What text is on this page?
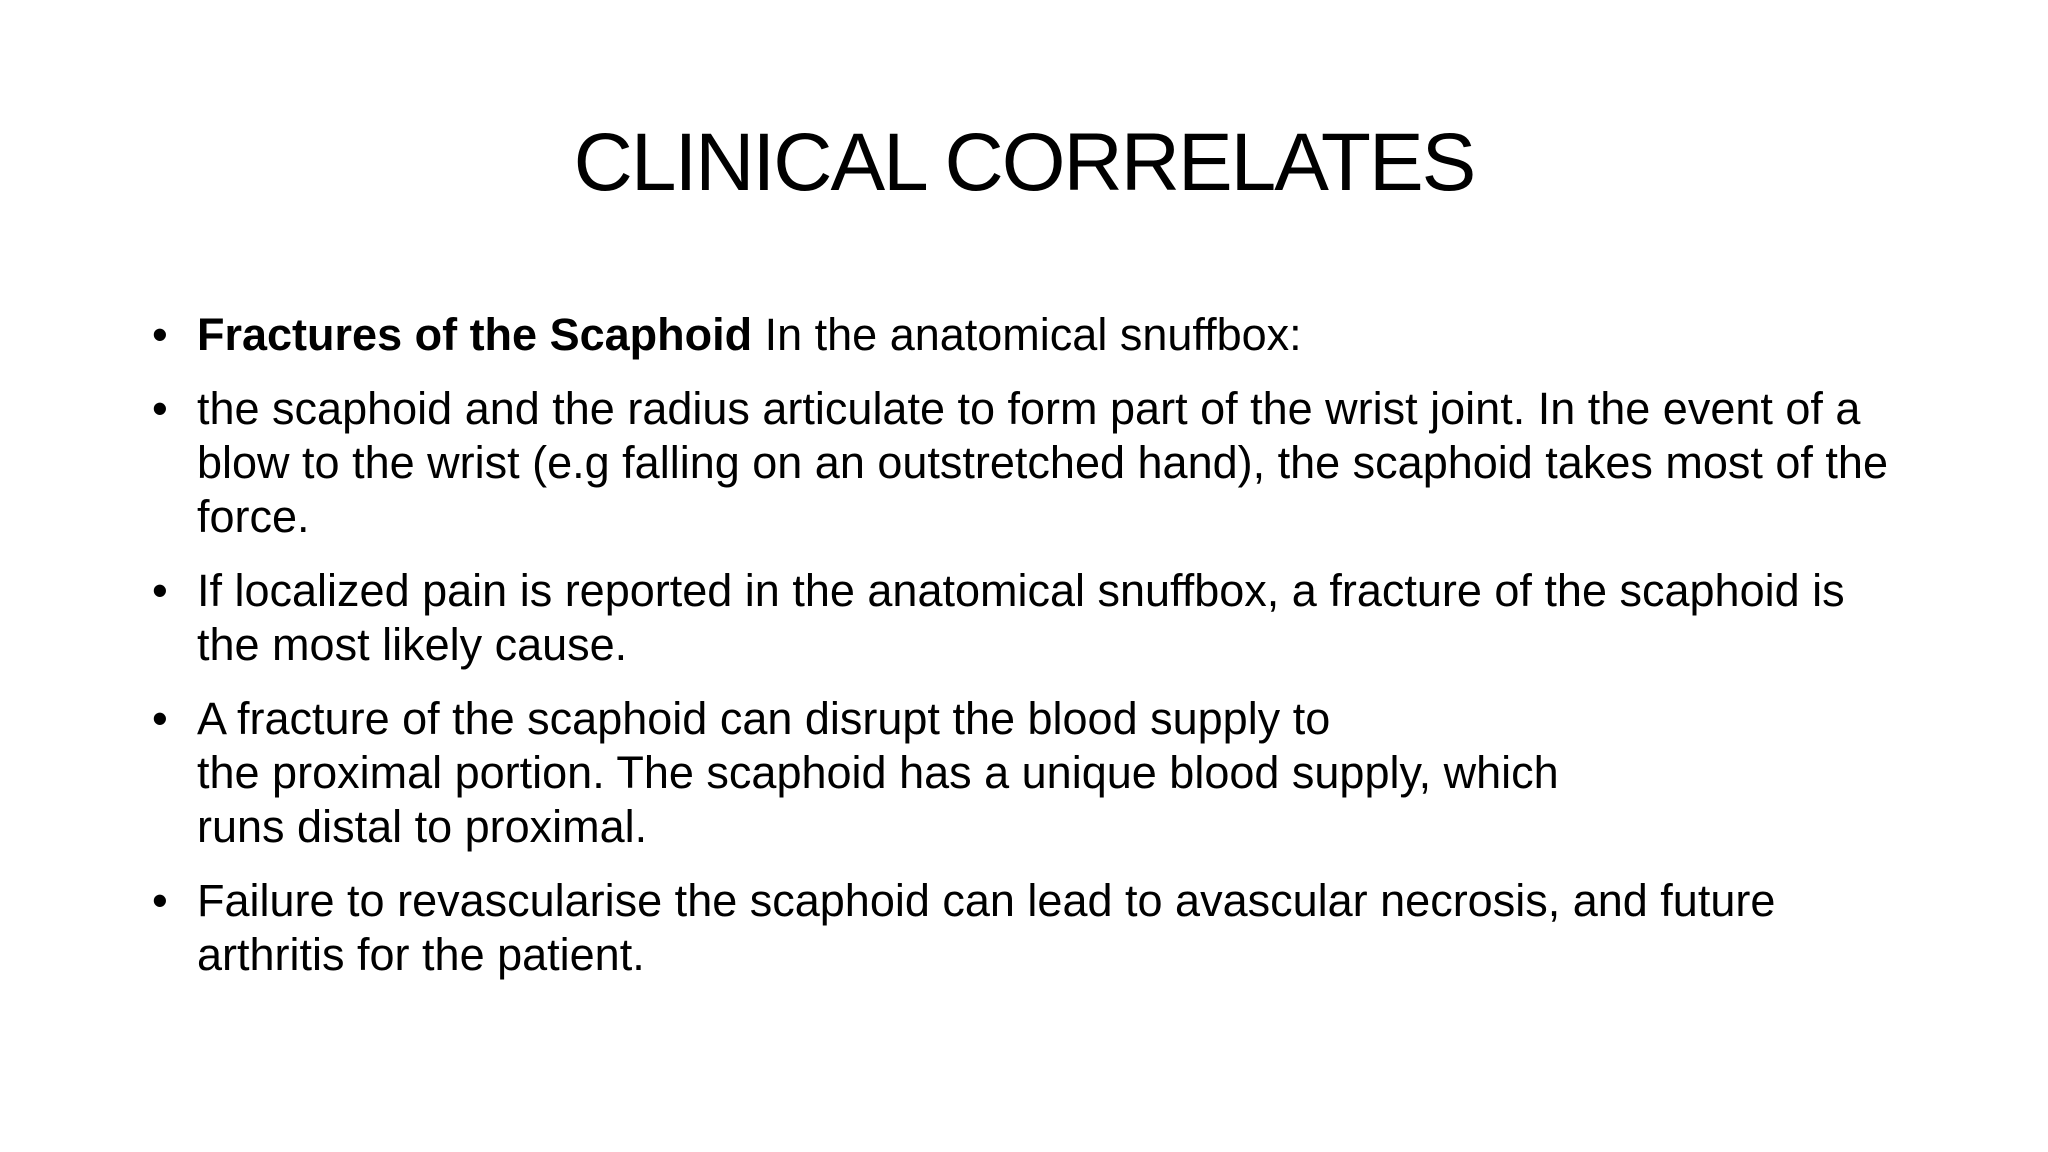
CLINICAL CORRELATES
• Fractures of the Scaphoid In the anatomical snuffbox:
• the scaphoid and the radius articulate to form part of the wrist joint. In the event of a blow to the wrist (e.g falling on an outstretched hand), the scaphoid takes most of the force.
• If localized pain is reported in the anatomical snuffbox, a fracture of the scaphoid is the most likely cause.
• A fracture of the scaphoid can disrupt the blood supply to
the proximal portion. The scaphoid has a unique blood supply, which
runs distal to proximal.
• Failure to revascularise the scaphoid can lead to avascular necrosis, and future arthritis for the patient.
